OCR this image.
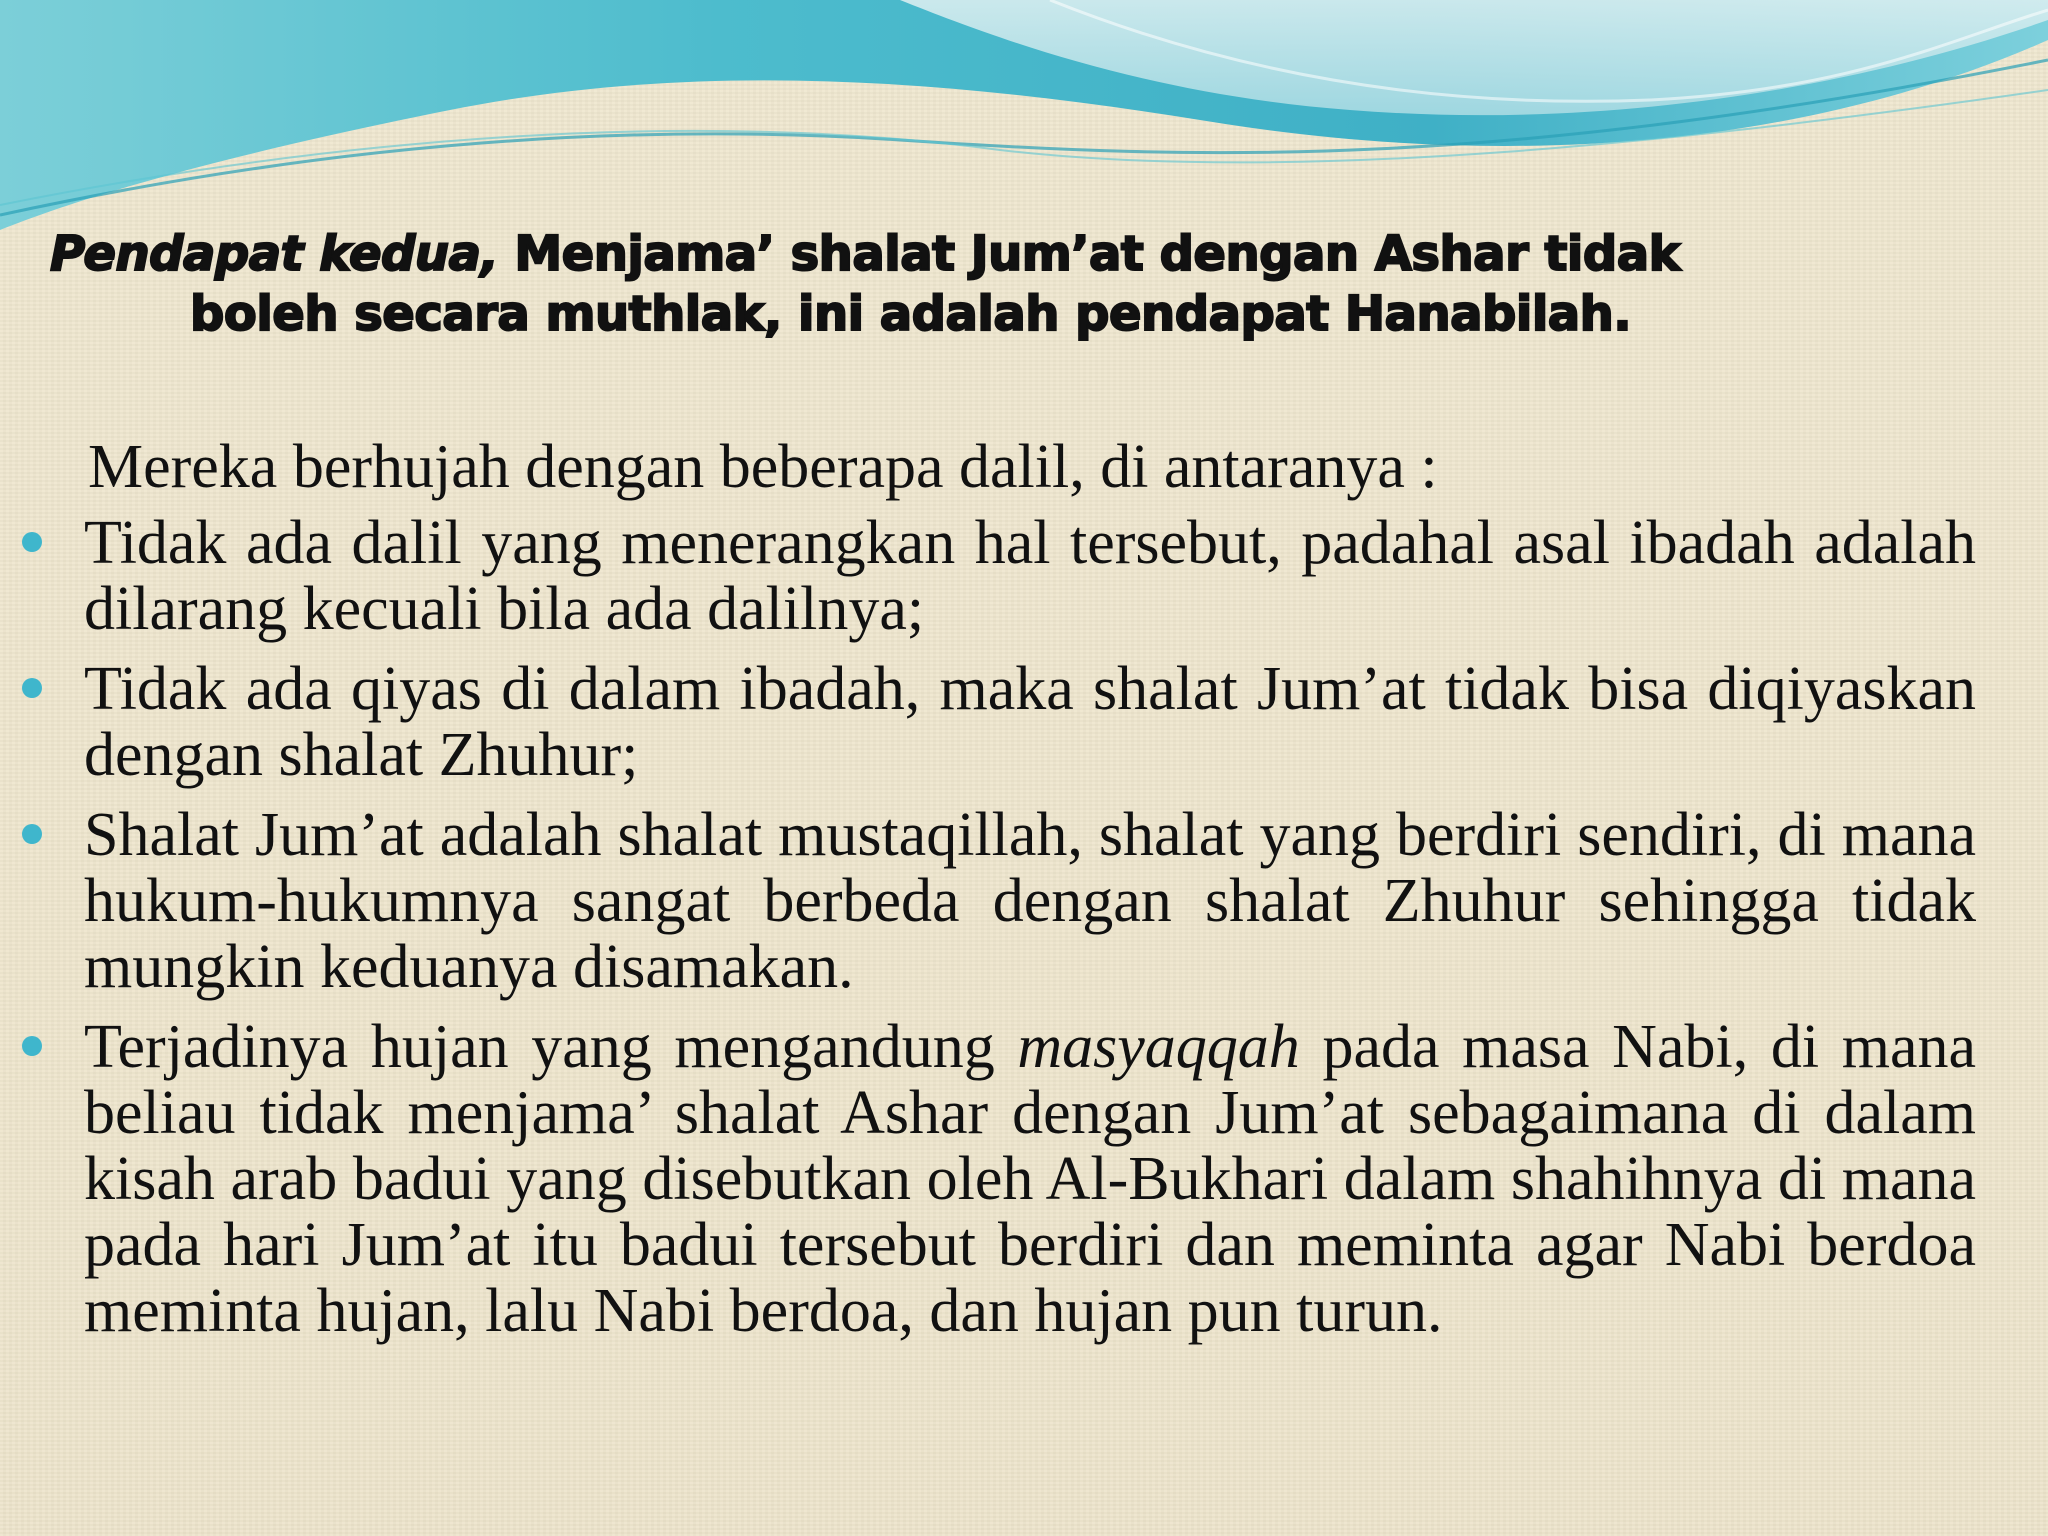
Pendapat kedua, Menjama’ shalat Jum’at dengan Ashar tidak
boleh secara muthlak, ini adalah pendapat Hanabilah.

Mereka berhujah dengan beberapa dalil, di antaranya :

Tidak ada dalil yang menerangkan hal tersebut, padahal asal ibadah adalah dilarang kecuali bila ada dalilnya;

Tidak ada qiyas di dalam ibadah, maka shalat Jum’at tidak bisa diqiyaskan dengan shalat Zhuhur;

Shalat Jum’at adalah shalat mustaqillah, shalat yang berdiri sendiri, di mana hukum-hukumnya sangat berbeda dengan shalat Zhuhur sehingga tidak mungkin keduanya disamakan.

Terjadinya hujan yang mengandung masyaqqah pada masa Nabi, di mana beliau tidak menjama’ shalat Ashar dengan Jum’at sebagaimana di dalam kisah arab badui yang disebutkan oleh Al-Bukhari dalam shahihnya di mana pada hari Jum’at itu badui tersebut berdiri dan meminta agar Nabi berdoa meminta hujan, lalu Nabi berdoa, dan hujan pun turun.
